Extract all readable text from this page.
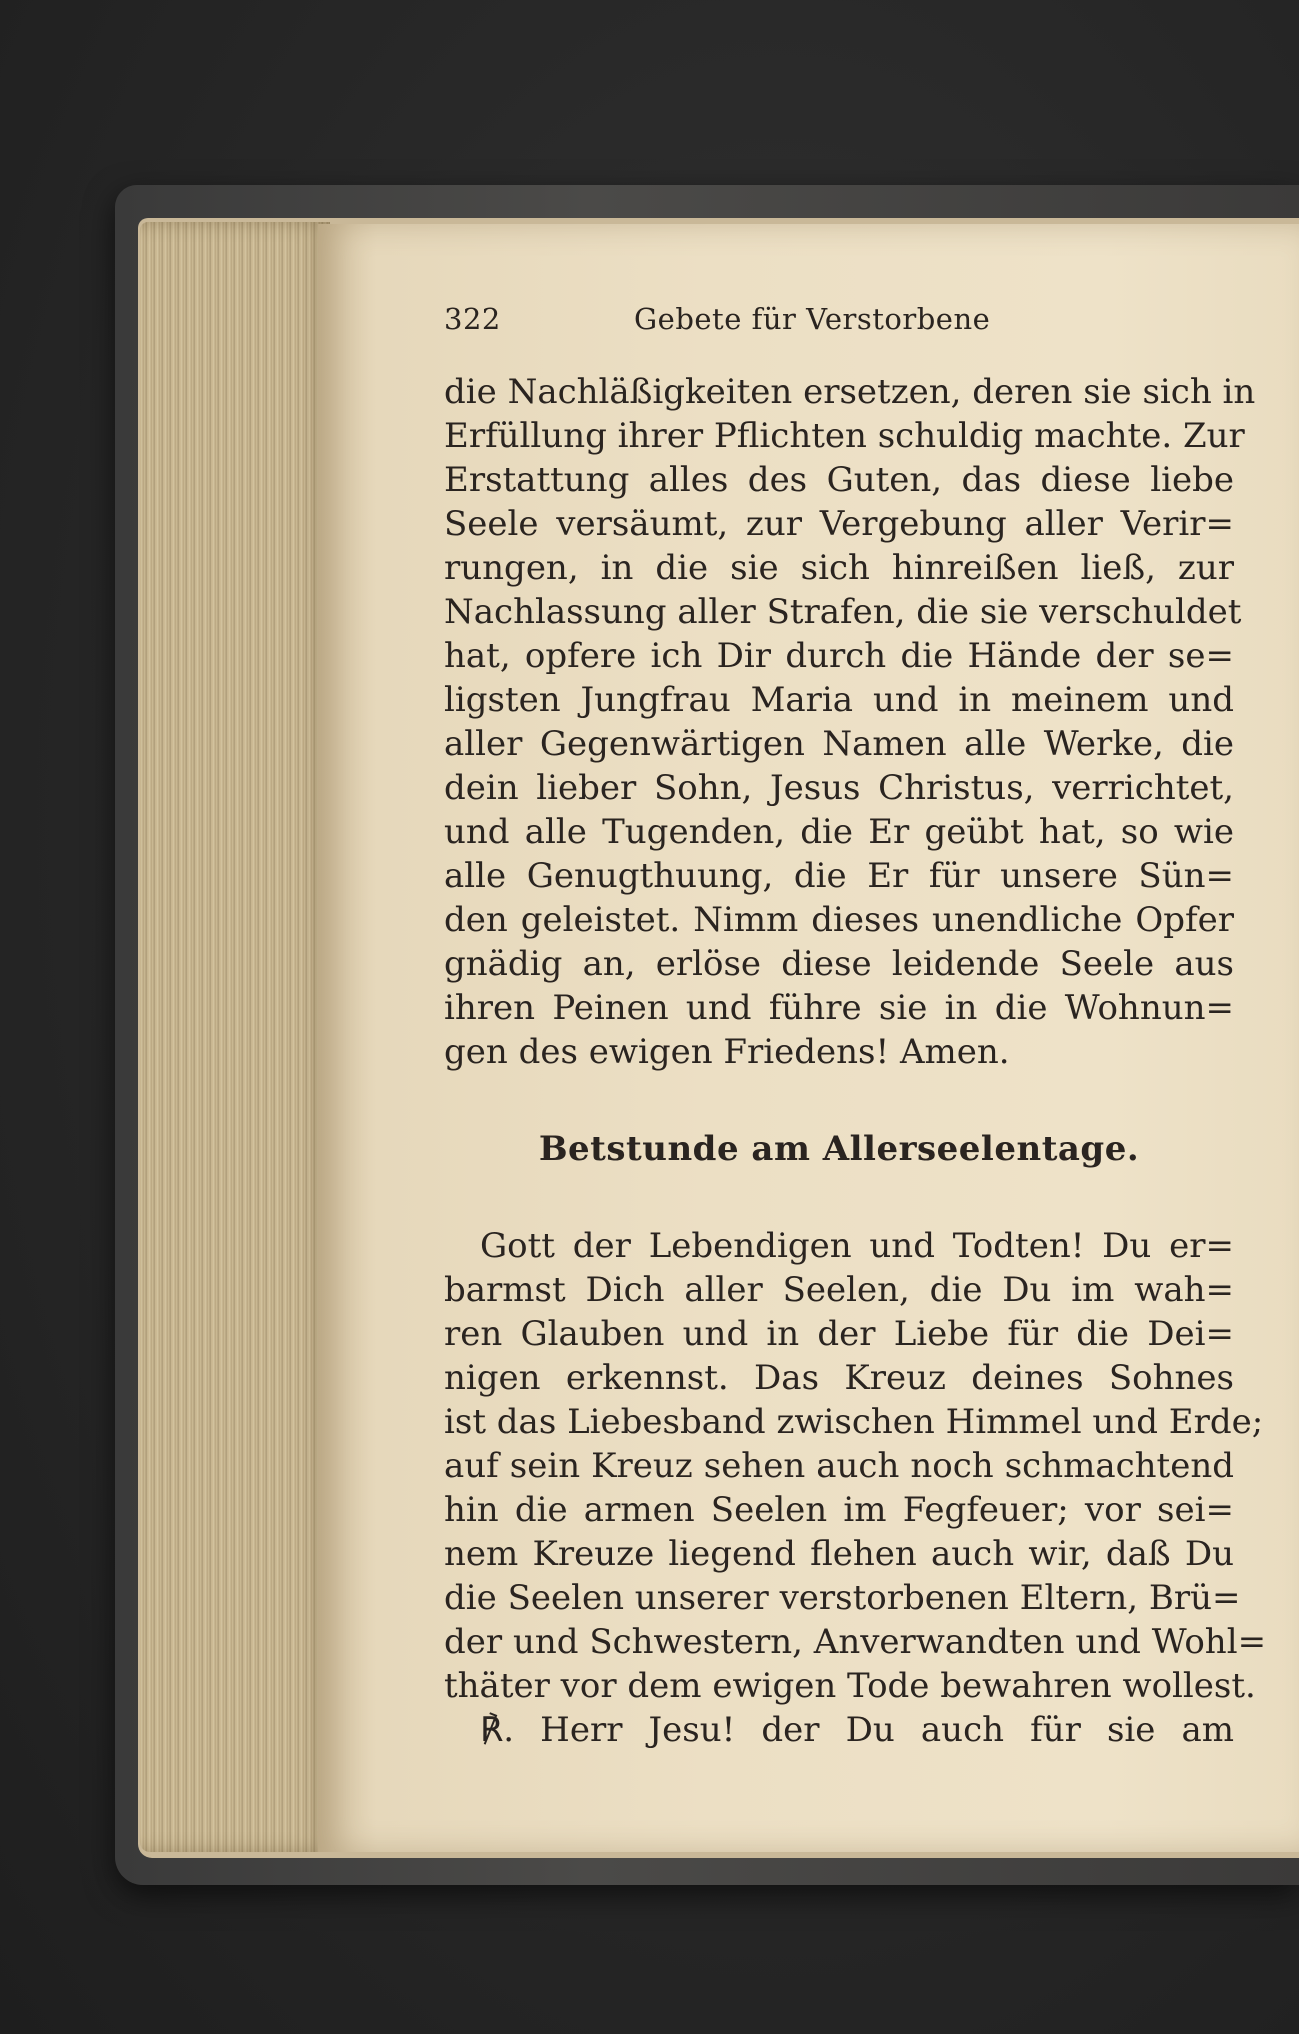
322	Gebete für Verstorbene
die Nachläßigkeiten ersetzen, deren sie sich in
Erfüllung ihrer Pflichten schuldig machte. Zur
Erstattung alles des Guten, das diese liebe
Seele versäumt, zur Vergebung aller Verir=
rungen, in die sie sich hinreißen ließ, zur
Nachlassung aller Strafen, die sie verschuldet
hat, opfere ich Dir durch die Hände der se=
ligsten Jungfrau Maria und in meinem und
aller Gegenwärtigen Namen alle Werke, die
dein lieber Sohn, Jesus Christus, verrichtet,
und alle Tugenden, die Er geübt hat, so wie
alle Genugthuung, die Er für unsere Sün=
den geleistet. Nimm dieses unendliche Opfer
gnädig an, erlöse diese leidende Seele aus
ihren Peinen und führe sie in die Wohnun=
gen des ewigen Friedens! Amen.
Betstunde am Allerseelentage.
Gott der Lebendigen und Todten! Du er=
barmst Dich aller Seelen, die Du im wah=
ren Glauben und in der Liebe für die Dei=
nigen erkennst. Das Kreuz deines Sohnes
ist das Liebesband zwischen Himmel und Erde;
auf sein Kreuz sehen auch noch schmachtend
hin die armen Seelen im Fegfeuer; vor sei=
nem Kreuze liegend flehen auch wir, daß Du
die Seelen unserer verstorbenen Eltern, Brü=
der und Schwestern, Anverwandten und Wohl=
thäter vor dem ewigen Tode bewahren wollest.
℟. Herr Jesu! der Du auch für sie am
